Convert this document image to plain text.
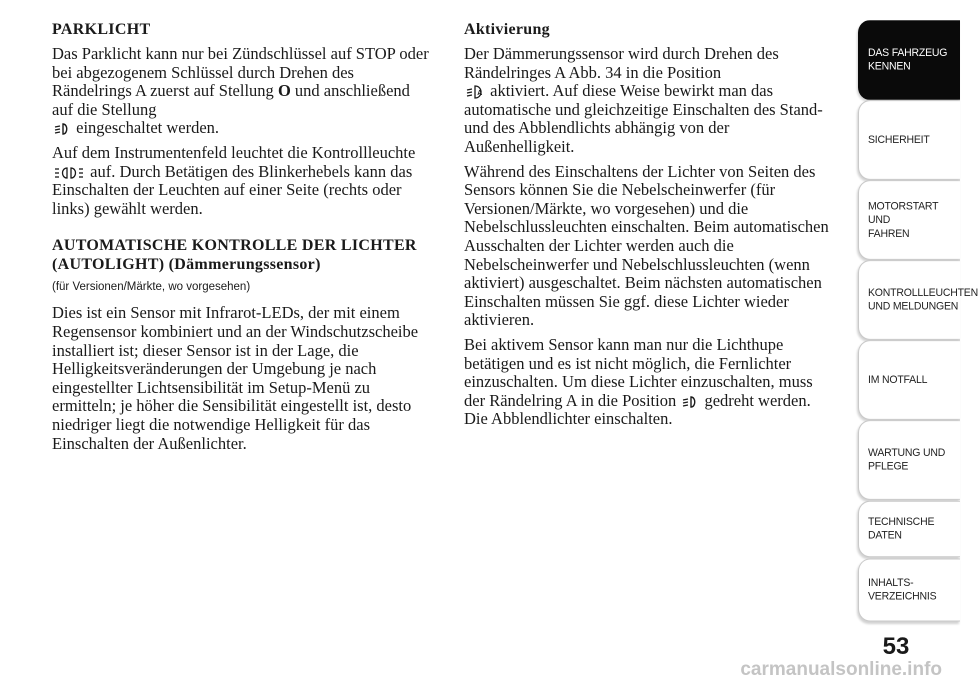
PARKLICHT
Das Parklicht kann nur bei Zündschlüssel auf STOP oder bei abgezogenem Schlüssel durch Drehen des Rändelrings A zuerst auf Stellung O und anschließend auf die Stellung

eingeschaltet werden.
Auf dem Instrumentenfeld leuchtet die Kontrollleuchte
auf. Durch Betätigen des Blinkerhebels kann das Einschalten der Leuchten auf einer Seite (rechts oder links) gewählt werden.
AUTOMATISCHE KONTROLLE DER LICHTER (AUTOLIGHT) (Dämmerungssensor)
(für Versionen/Märkte, wo vorgesehen)
Dies ist ein Sensor mit Infrarot-LEDs, der mit einem Regensensor kombiniert und an der Windschutzscheibe installiert ist; dieser Sensor ist in der Lage, die Helligkeitsveränderungen der Umgebung je nach eingestellter Lichtsensibilität im Setup-Menü zu ermitteln; je höher die Sensibilität eingestellt ist, desto niedriger liegt die notwendige Helligkeit für das Einschalten der Außenlichter.
Aktivierung
Der Dämmerungssensor wird durch Drehen des Rändelringes A Abb. 34 in die Position

A aktiviert. Auf diese Weise bewirkt man das automatische und gleichzeitige Einschalten des Stand- und des Abblendlichts abhängig von der Außenhelligkeit.
Während des Einschaltens der Lichter von Seiten des Sensors können Sie die Nebelscheinwerfer (für Versionen/Märkte, wo vorgesehen) und die Nebelschlussleuchten einschalten. Beim automatischen Ausschalten der Lichter werden auch die Nebelscheinwerfer und Nebelschlussleuchten (wenn aktiviert) ausgeschaltet. Beim nächsten automatischen Einschalten müssen Sie ggf. diese Lichter wieder aktivieren.
Bei aktivem Sensor kann man nur die Lichthupe betätigen und es ist nicht möglich, die Fernlichter einzuschalten. Um diese Lichter einzuschalten, muss der Rändelring A in die Position gedreht werden. Die Abblendlichter einschalten.
DAS FAHRZEUG
KENNEN
SICHERHEIT
MOTORSTART UND
FAHREN
KONTROLLLEUCHTEN
UND MELDUNGEN
IM NOTFALL
WARTUNG UND
PFLEGE
TECHNISCHE
DATEN
INHALTS-
VERZEICHNIS
53
carmanualsonline.info
